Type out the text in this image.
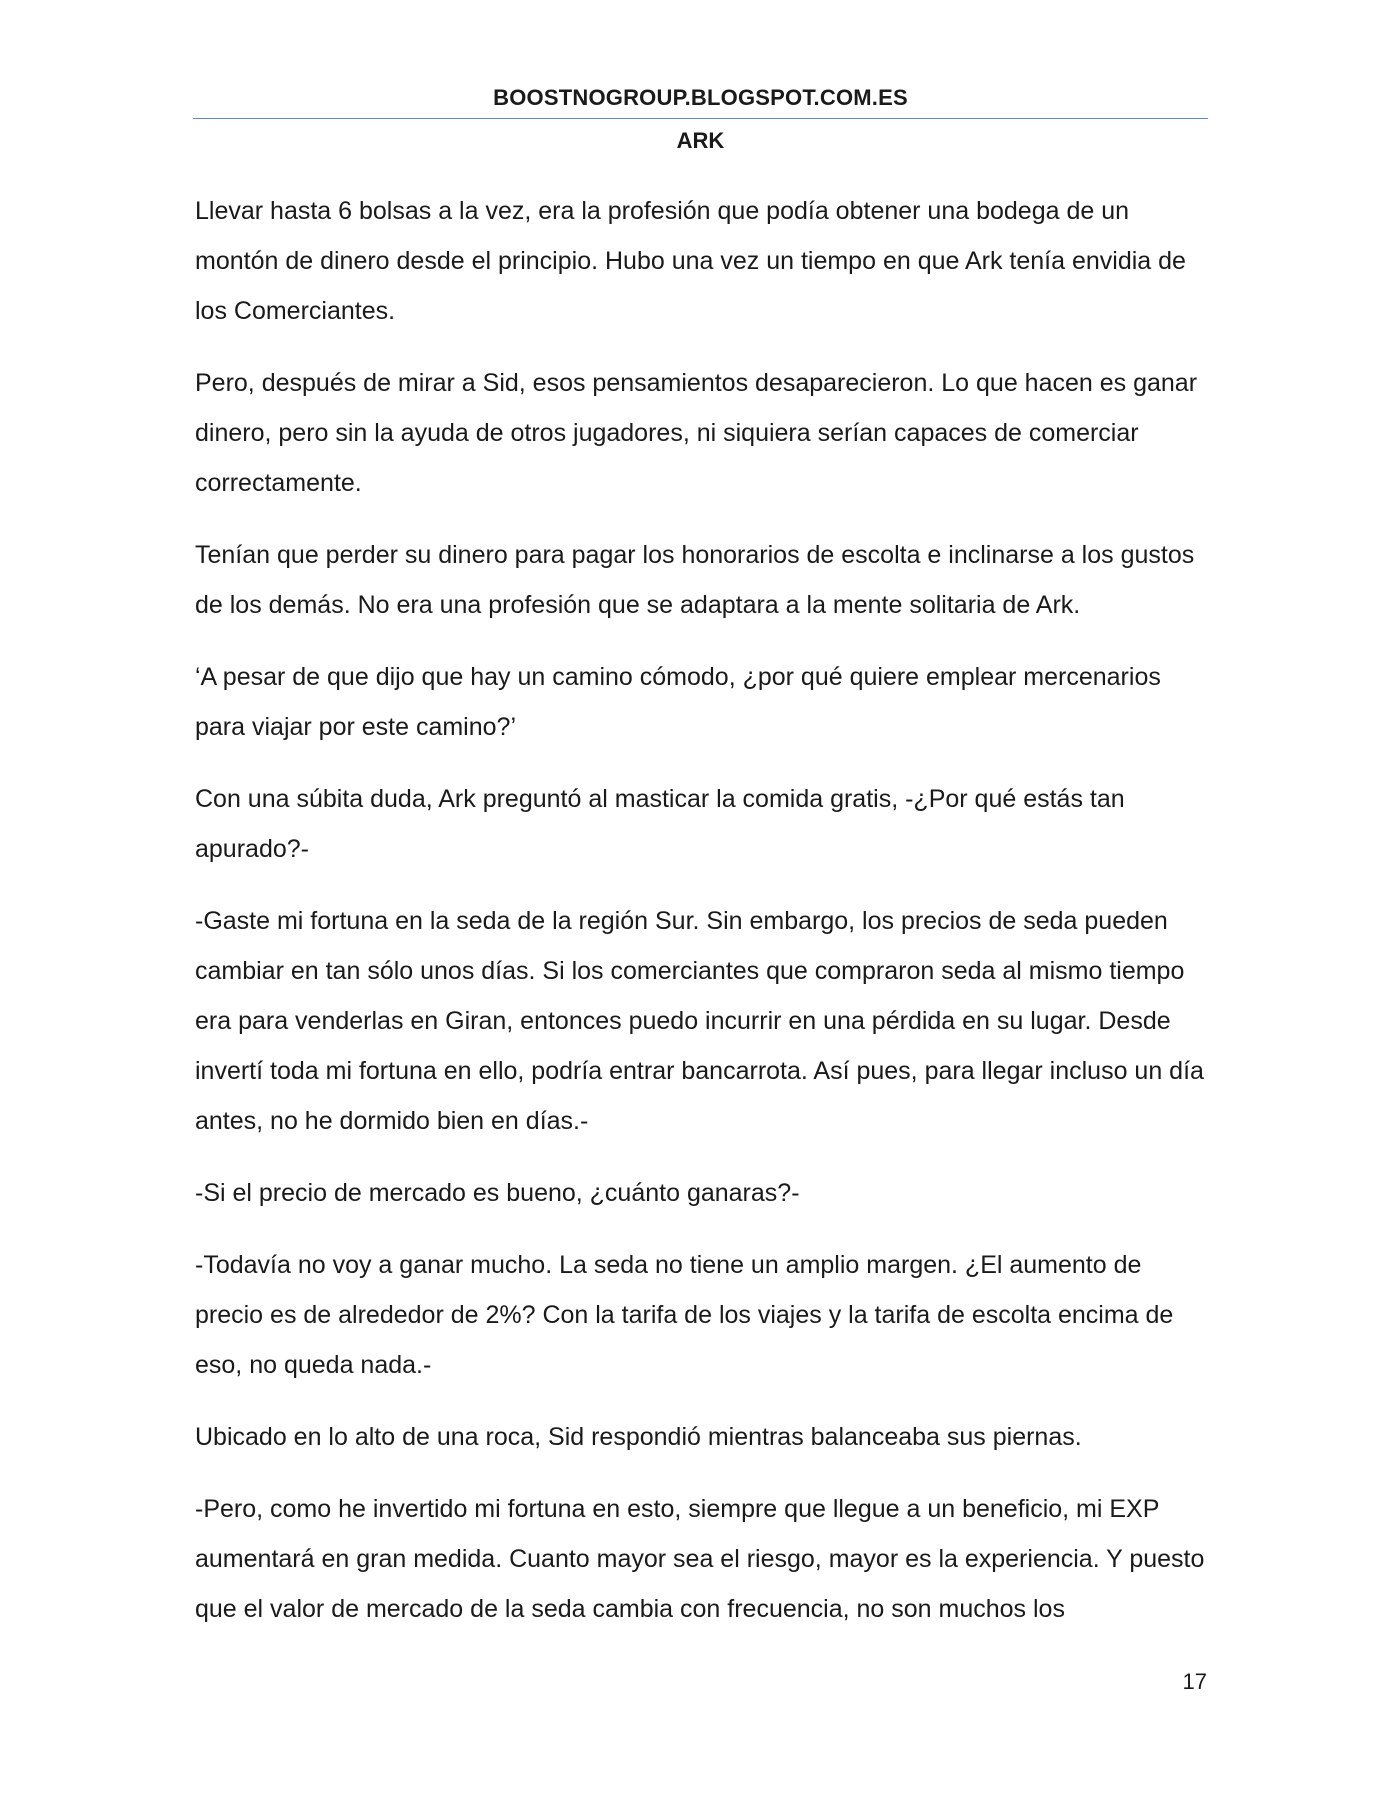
BOOSTNOGROUP.BLOGSPOT.COM.ES
ARK

Llevar hasta 6 bolsas a la vez, era la profesión que podía obtener una bodega de un montón de dinero desde el principio. Hubo una vez un tiempo en que Ark tenía envidia de los Comerciantes.

Pero, después de mirar a Sid, esos pensamientos desaparecieron. Lo que hacen es ganar dinero, pero sin la ayuda de otros jugadores, ni siquiera serían capaces de comerciar correctamente.

Tenían que perder su dinero para pagar los honorarios de escolta e inclinarse a los gustos de los demás. No era una profesión que se adaptara a la mente solitaria de Ark.

‘A pesar de que dijo que hay un camino cómodo, ¿por qué quiere emplear mercenarios para viajar por este camino?’

Con una súbita duda, Ark preguntó al masticar la comida gratis, -¿Por qué estás tan apurado?-

-Gaste mi fortuna en la seda de la región Sur. Sin embargo, los precios de seda pueden cambiar en tan sólo unos días. Si los comerciantes que compraron seda al mismo tiempo era para venderlas en Giran, entonces puedo incurrir en una pérdida en su lugar. Desde invertí toda mi fortuna en ello, podría entrar bancarrota. Así pues, para llegar incluso un día antes, no he dormido bien en días.-

-Si el precio de mercado es bueno, ¿cuánto ganaras?-

-Todavía no voy a ganar mucho. La seda no tiene un amplio margen. ¿El aumento de precio es de alrededor de 2%? Con la tarifa de los viajes y la tarifa de escolta encima de eso, no queda nada.-

Ubicado en lo alto de una roca, Sid respondió mientras balanceaba sus piernas.

-Pero, como he invertido mi fortuna en esto, siempre que llegue a un beneficio, mi EXP aumentará en gran medida. Cuanto mayor sea el riesgo, mayor es la experiencia. Y puesto que el valor de mercado de la seda cambia con frecuencia, no son muchos los

17
